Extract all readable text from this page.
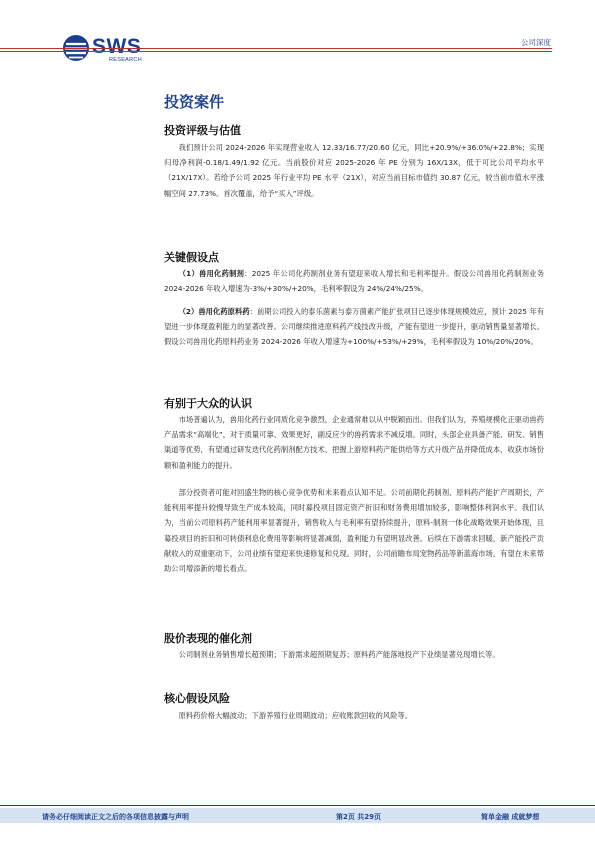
SWS
RESEARCH
公司深度
投资案件
投资评级与估值

我们预计公司 2024-2026 年实现营业收入 12.33/16.77/20.60 亿元，同比+20.9%/+36.0%/+22.8%；实现归母净利润-0.18/1.49/1.92 亿元。当前股价对应 2025-2026 年 PE 分别为 16X/13X，低于可比公司平均水平（21X/17X）。若给予公司 2025 年行业平均 PE 水平（21X），对应当前目标市值约 30.87 亿元，较当前市值水平涨幅空间 27.73%。首次覆盖，给予“买入”评级。

关键假设点

（1）兽用化药制剂：2025 年公司化药制剂业务有望迎来收入增长和毛利率提升。假设公司兽用化药制剂业务 2024-2026 年收入增速为-3%/+30%/+20%，毛利率假设为 24%/24%/25%。

（2）兽用化药原料药：前期公司投入的泰乐菌素与泰万菌素产能扩张项目已逐步体现规模效应，预计 2025 年有望进一步体现盈利能力的显著改善。公司继续推进原料药产线技改升级，产能有望进一步提升，驱动销售量显著增长。假设公司兽用化药原料药业务 2024-2026 年收入增速为+100%/+53%/+29%，毛利率假设为 10%/20%/20%。

有别于大众的认识

市场普遍认为，兽用化药行业同质化竞争激烈，企业通常难以从中脱颖而出。但我们认为，养殖规模化正驱动兽药产品需求“高端化”，对于质量可靠、效果更好，副反应少的兽药需求不减反增。同时，头部企业具备产能、研发、销售渠道等优势，有望通过研发迭代化药制剂配方技术、把握上游原料药产能供给等方式升级产品并降低成本，收获市场份额和盈利能力的提升。

部分投资者可能对回盛生物的核心竞争优势和未来看点认知不足。公司前期化药制剂、原料药产能扩产周期长，产能利用率提升较慢导致生产成本较高，同时募投项目固定资产折旧和财务费用增加较多，影响整体利润水平。我们认为，当前公司原料药产能利用率显著提升，销售收入与毛利率有望持续提升，原料-制剂一体化战略效果开始体现，且募投项目的折旧和可转债利息化费用等影响将显著减弱，盈利能力有望明显改善。后续在下游需求回暖，新产能投产贡献收入的双重驱动下，公司业绩有望迎来快速修复和兑现。同时，公司前瞻布局宠物药品等新蓝海市场，有望在未来帮助公司增添新的增长看点。

股价表现的催化剂

公司制剂业务销售增长超预期；下游需求超预期复苏；原料药产能落地投产下业绩显著兑现增长等。

核心假设风险

原料药价格大幅波动；下游养殖行业周期波动；应收账款回收的风险等。

请务必仔细阅读正文之后的各项信息披露与声明	第2页 共29页	简单金融 成就梦想
